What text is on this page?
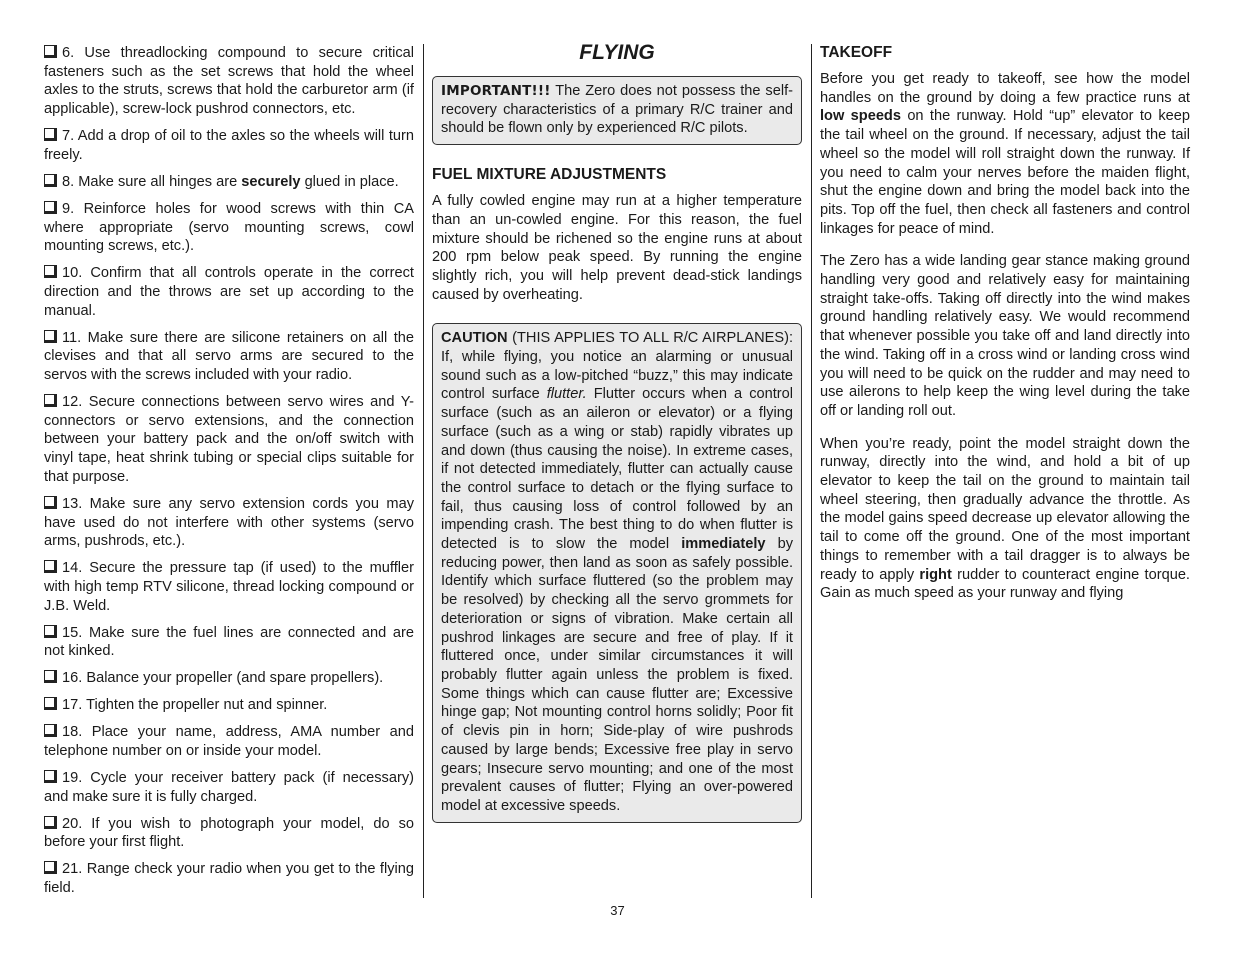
6. Use threadlocking compound to secure critical fasteners such as the set screws that hold the wheel axles to the struts, screws that hold the carburetor arm (if applicable), screw-lock pushrod connectors, etc.
7. Add a drop of oil to the axles so the wheels will turn freely.
8. Make sure all hinges are securely glued in place.
9. Reinforce holes for wood screws with thin CA where appropriate (servo mounting screws, cowl mounting screws, etc.).
10. Confirm that all controls operate in the correct direction and the throws are set up according to the manual.
11. Make sure there are silicone retainers on all the clevises and that all servo arms are secured to the servos with the screws included with your radio.
12. Secure connections between servo wires and Y-connectors or servo extensions, and the connection between your battery pack and the on/off switch with vinyl tape, heat shrink tubing or special clips suitable for that purpose.
13. Make sure any servo extension cords you may have used do not interfere with other systems (servo arms, pushrods, etc.).
14. Secure the pressure tap (if used) to the muffler with high temp RTV silicone, thread locking compound or J.B. Weld.
15. Make sure the fuel lines are connected and are not kinked.
16. Balance your propeller (and spare propellers).
17. Tighten the propeller nut and spinner.
18. Place your name, address, AMA number and telephone number on or inside your model.
19. Cycle your receiver battery pack (if necessary) and make sure it is fully charged.
20. If you wish to photograph your model, do so before your first flight.
21. Range check your radio when you get to the flying field.
FLYING
IMPORTANT!!! The Zero does not possess the self-recovery characteristics of a primary R/C trainer and should be flown only by experienced R/C pilots.
FUEL MIXTURE ADJUSTMENTS

A fully cowled engine may run at a higher temperature than an un-cowled engine. For this reason, the fuel mixture should be richened so the engine runs at about 200 rpm below peak speed. By running the engine slightly rich, you will help prevent dead-stick landings caused by overheating.

CAUTION (THIS APPLIES TO ALL R/C AIRPLANES): If, while flying, you notice an alarming or unusual sound such as a low-pitched “buzz,” this may indicate control surface flutter. Flutter occurs when a control surface (such as an aileron or elevator) or a flying surface (such as a wing or stab) rapidly vibrates up and down (thus causing the noise). In extreme cases, if not detected immediately, flutter can actually cause the control surface to detach or the flying surface to fail, thus causing loss of control followed by an impending crash. The best thing to do when flutter is detected is to slow the model immediately by reducing power, then land as soon as safely possible. Identify which surface fluttered (so the problem may be resolved) by checking all the servo grommets for deterioration or signs of vibration. Make certain all pushrod linkages are secure and free of play. If it fluttered once, under similar circumstances it will probably flutter again unless the problem is fixed. Some things which can cause flutter are; Excessive hinge gap; Not mounting control horns solidly; Poor fit of clevis pin in horn; Side-play of wire pushrods caused by large bends; Excessive free play in servo gears; Insecure servo mounting; and one of the most prevalent causes of flutter; Flying an over-powered model at excessive speeds.
TAKEOFF

Before you get ready to takeoff, see how the model handles on the ground by doing a few practice runs at low speeds on the runway. Hold “up” elevator to keep the tail wheel on the ground. If necessary, adjust the tail wheel so the model will roll straight down the runway. If you need to calm your nerves before the maiden flight, shut the engine down and bring the model back into the pits. Top off the fuel, then check all fasteners and control linkages for peace of mind.

The Zero has a wide landing gear stance making ground handling very good and relatively easy for maintaining straight take-offs. Taking off directly into the wind makes ground handling relatively easy. We would recommend that whenever possible you take off and land directly into the wind. Taking off in a cross wind or landing cross wind you will need to be quick on the rudder and may need to use ailerons to help keep the wing level during the take off or landing roll out.

When you’re ready, point the model straight down the runway, directly into the wind, and hold a bit of up elevator to keep the tail on the ground to maintain tail wheel steering, then gradually advance the throttle. As the model gains speed decrease up elevator allowing the tail to come off the ground. One of the most important things to remember with a tail dragger is to always be ready to apply right rudder to counteract engine torque. Gain as much speed as your runway and flying

37
